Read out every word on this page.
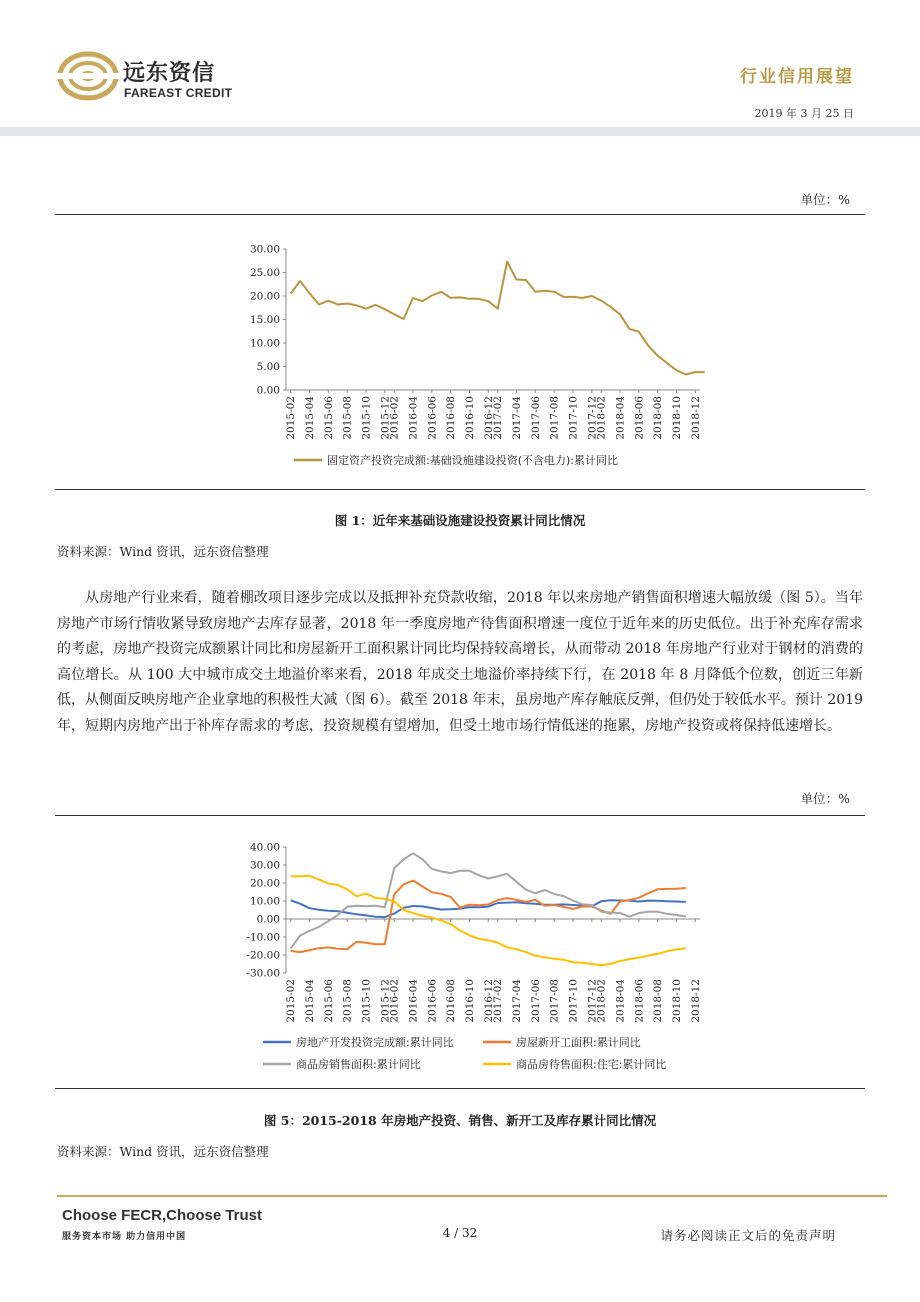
远东资信
FAREAST CREDIT
行业信用展望
2019 年 3 月 25 日
单位：%
30.00
25.00
20.00
15.00
10.00
5.00
0.00
2015-02 2015-04 2015-06 2015-08 2015-10 2015-12
2016-02 2016-04 2016-06 2016-08 2016-10 2016-12
2017-02 2017-04 2017-06 2017-08 2017-10 2017-12
2018-02 2018-04 2018-06 2018-08 2018-10 2018-12
固定资产投资完成额:基础设施建设投资(不含电力):累计同比
图 1：近年来基础设施建设投资累计同比情况
资料来源：Wind 资讯，远东资信整理

从房地产行业来看，随着棚改项目逐步完成以及抵押补充贷款收缩，2018 年以来房地产销售面积增速大幅放缓（图 5）。当年房地产市场行情收紧导致房地产去库存显著，2018 年一季度房地产待售面积增速一度位于近年来的历史低位。出于补充库存需求的考虑，房地产投资完成额累计同比和房屋新开工面积累计同比均保持较高增长，从而带动 2018 年房地产行业对于钢材的消费的高位增长。从 100 大中城市成交土地溢价率来看，2018 年成交土地溢价率持续下行，在 2018 年 8 月降低个位数，创近三年新低，从侧面反映房地产企业拿地的积极性大减（图 6）。截至 2018 年末，虽房地产库存触底反弹，但仍处于较低水平。预计 2019 年，短期内房地产出于补库存需求的考虑，投资规模有望增加，但受土地市场行情低迷的拖累，房地产投资或将保持低速增长。

单位：%
40.00
30.00
20.00
10.00
0.00
-10.00
-20.00
-30.00
2015-02 2015-04 2015-06 2015-08 2015-10 2015-12
2016-02 2016-04 2016-06 2016-08 2016-10 2016-12
2017-02 2017-04 2017-06 2017-08 2017-10 2017-12
2018-02 2018-04 2018-06 2018-08 2018-10 2018-12
房地产开发投资完成额:累计同比	房屋新开工面积:累计同比
商品房销售面积:累计同比	商品房待售面积:住宅:累计同比
图 5：2015-2018 年房地产投资、销售、新开工及库存累计同比情况
资料来源：Wind 资讯，远东资信整理
Choose FECR,Choose Trust
服务资本市场 助力信用中国	4 / 32	请务必阅读正文后的免责声明
